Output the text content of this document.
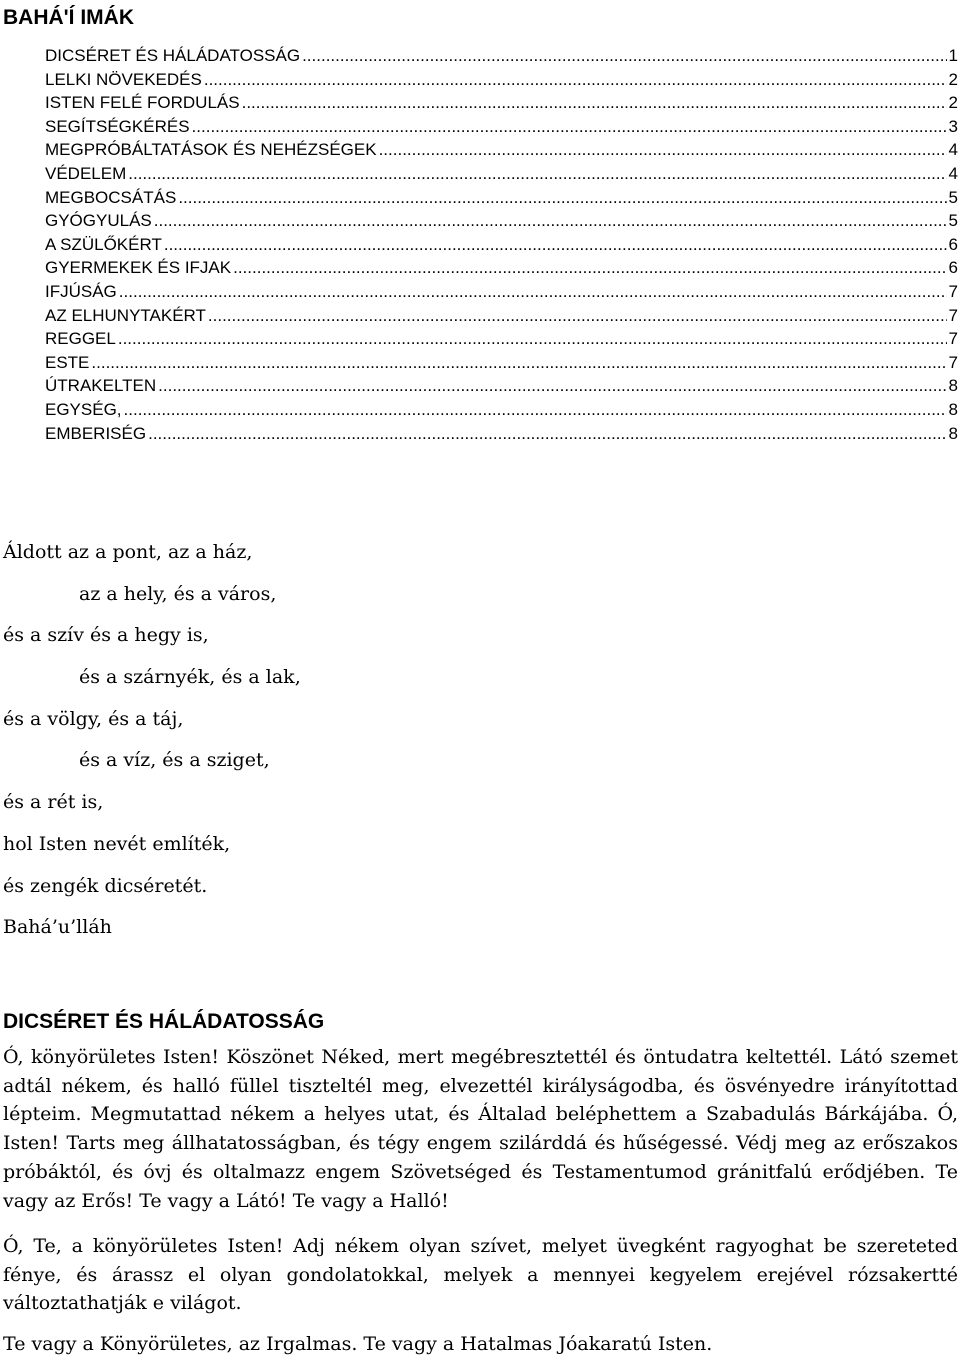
BAHÁ'Í IMÁK
DICSÉRET ÉS HÁLÁDATOSSÁG .....	1
LELKI NÖVEKEDÉS .....	2
ISTEN FELÉ FORDULÁS .....	2
SEGÍTSÉGKÉRÉS .....	3
MEGPRÓBÁLTATÁSOK ÉS NEHÉZSÉGEK .....	4
VÉDELEM .....	4
MEGBOCSÁTÁS .....	5
GYÓGYULÁS .....	5
A SZÜLŐKÉRT .....	6
GYERMEKEK ÉS IFJAK .....	6
IFJÚSÁG .....	7
AZ ELHUNYTAKÉRT .....	7
REGGEL .....	7
ESTE .....	7
ÚTRAKELTEN .....	8
EGYSÉG, .....	8
EMBERISÉG .....	8
Áldott az a pont, az a ház,
az a hely, és a város,
és a szív és a hegy is,
és a szárnyék, és a lak,
és a völgy, és a táj,
és a víz, és a sziget,
és a rét is,
hol Isten nevét említék,
és zengék dicséretét.
Bahá’u’lláh
DICSÉRET ÉS HÁLÁDATOSSÁG

Ó, könyörületes Isten! Köszönet Néked, mert megébresztettél és öntudatra keltettél. Látó szemet adtál nékem, és halló füllel tiszteltél meg, elvezettél királyságodba, és ösvényedre irányítottad lépteim. Megmutattad nékem a helyes utat, és Általad beléphettem a Szabadulás Bárkájába. Ó, Isten! Tarts meg állhatatosságban, és tégy engem szilárddá és hűségessé. Védj meg az erőszakos próbáktól, és óvj és oltalmazz engem Szövetséged és Testamentumod gránitfalú erődjében. Te vagy az Erős! Te vagy a Látó! Te vagy a Halló!

Ó, Te, a könyörületes Isten! Adj nékem olyan szívet, melyet üvegként ragyoghat be szereteted fénye, és árassz el olyan gondolatokkal, melyek a mennyei kegyelem erejével rózsakertté változtathatják e világot.

Te vagy a Könyörületes, az Irgalmas. Te vagy a Hatalmas Jóakaratú Isten.
